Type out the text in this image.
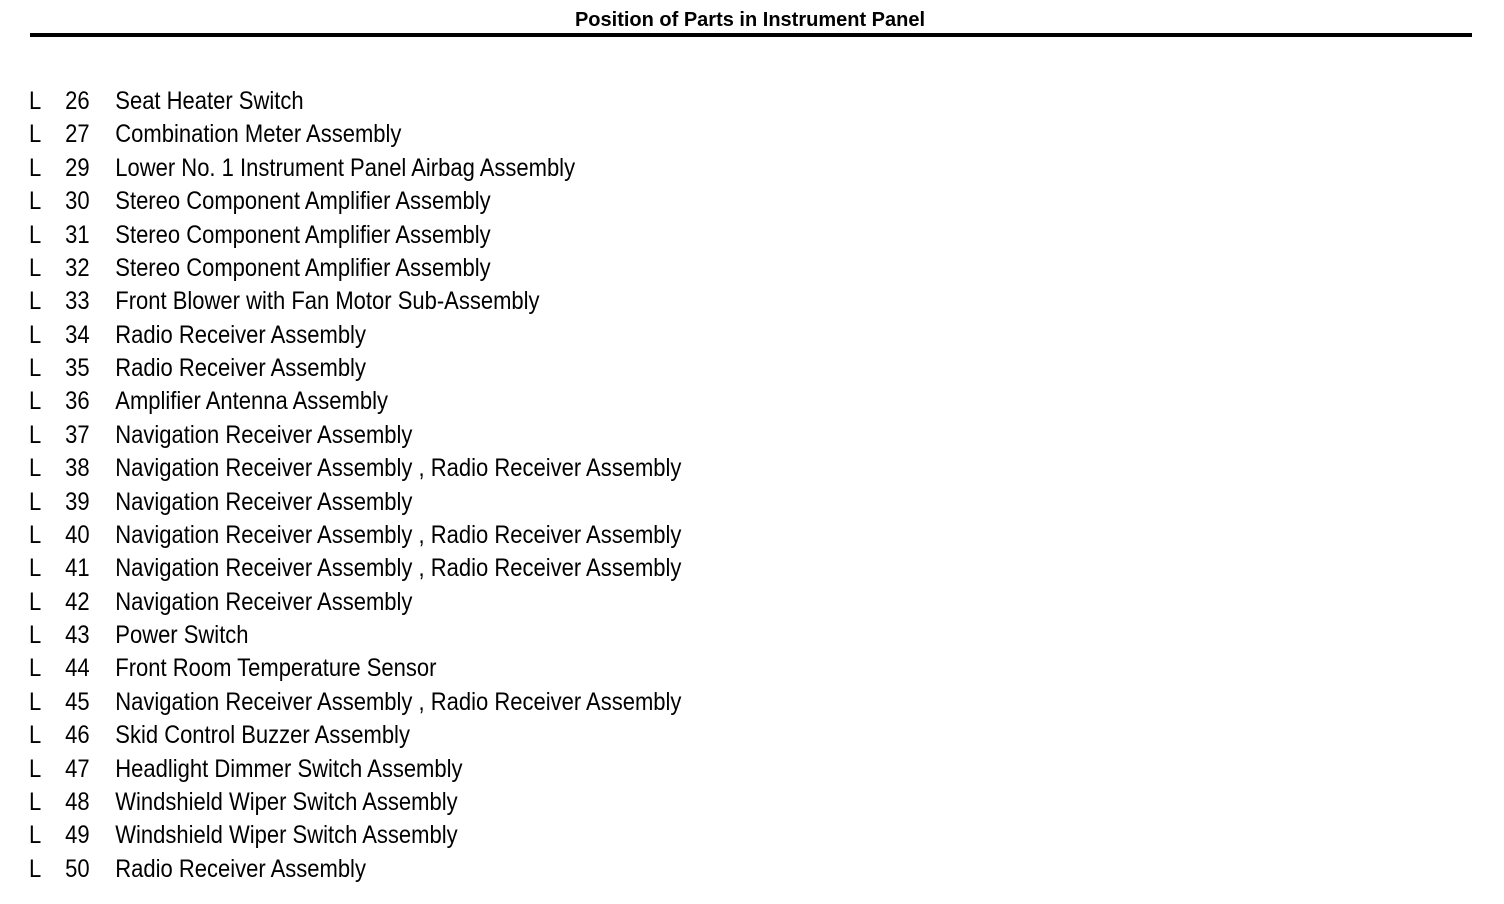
Position of Parts in Instrument Panel
L 26 Seat Heater Switch
L 27 Combination Meter Assembly
L 29 Lower No. 1 Instrument Panel Airbag Assembly
L 30 Stereo Component Amplifier Assembly
L 31 Stereo Component Amplifier Assembly
L 32 Stereo Component Amplifier Assembly
L 33 Front Blower with Fan Motor Sub-Assembly
L 34 Radio Receiver Assembly
L 35 Radio Receiver Assembly
L 36 Amplifier Antenna Assembly
L 37 Navigation Receiver Assembly
L 38 Navigation Receiver Assembly , Radio Receiver Assembly
L 39 Navigation Receiver Assembly
L 40 Navigation Receiver Assembly , Radio Receiver Assembly
L 41 Navigation Receiver Assembly , Radio Receiver Assembly
L 42 Navigation Receiver Assembly
L 43 Power Switch
L 44 Front Room Temperature Sensor
L 45 Navigation Receiver Assembly , Radio Receiver Assembly
L 46 Skid Control Buzzer Assembly
L 47 Headlight Dimmer Switch Assembly
L 48 Windshield Wiper Switch Assembly
L 49 Windshield Wiper Switch Assembly
L 50 Radio Receiver Assembly
